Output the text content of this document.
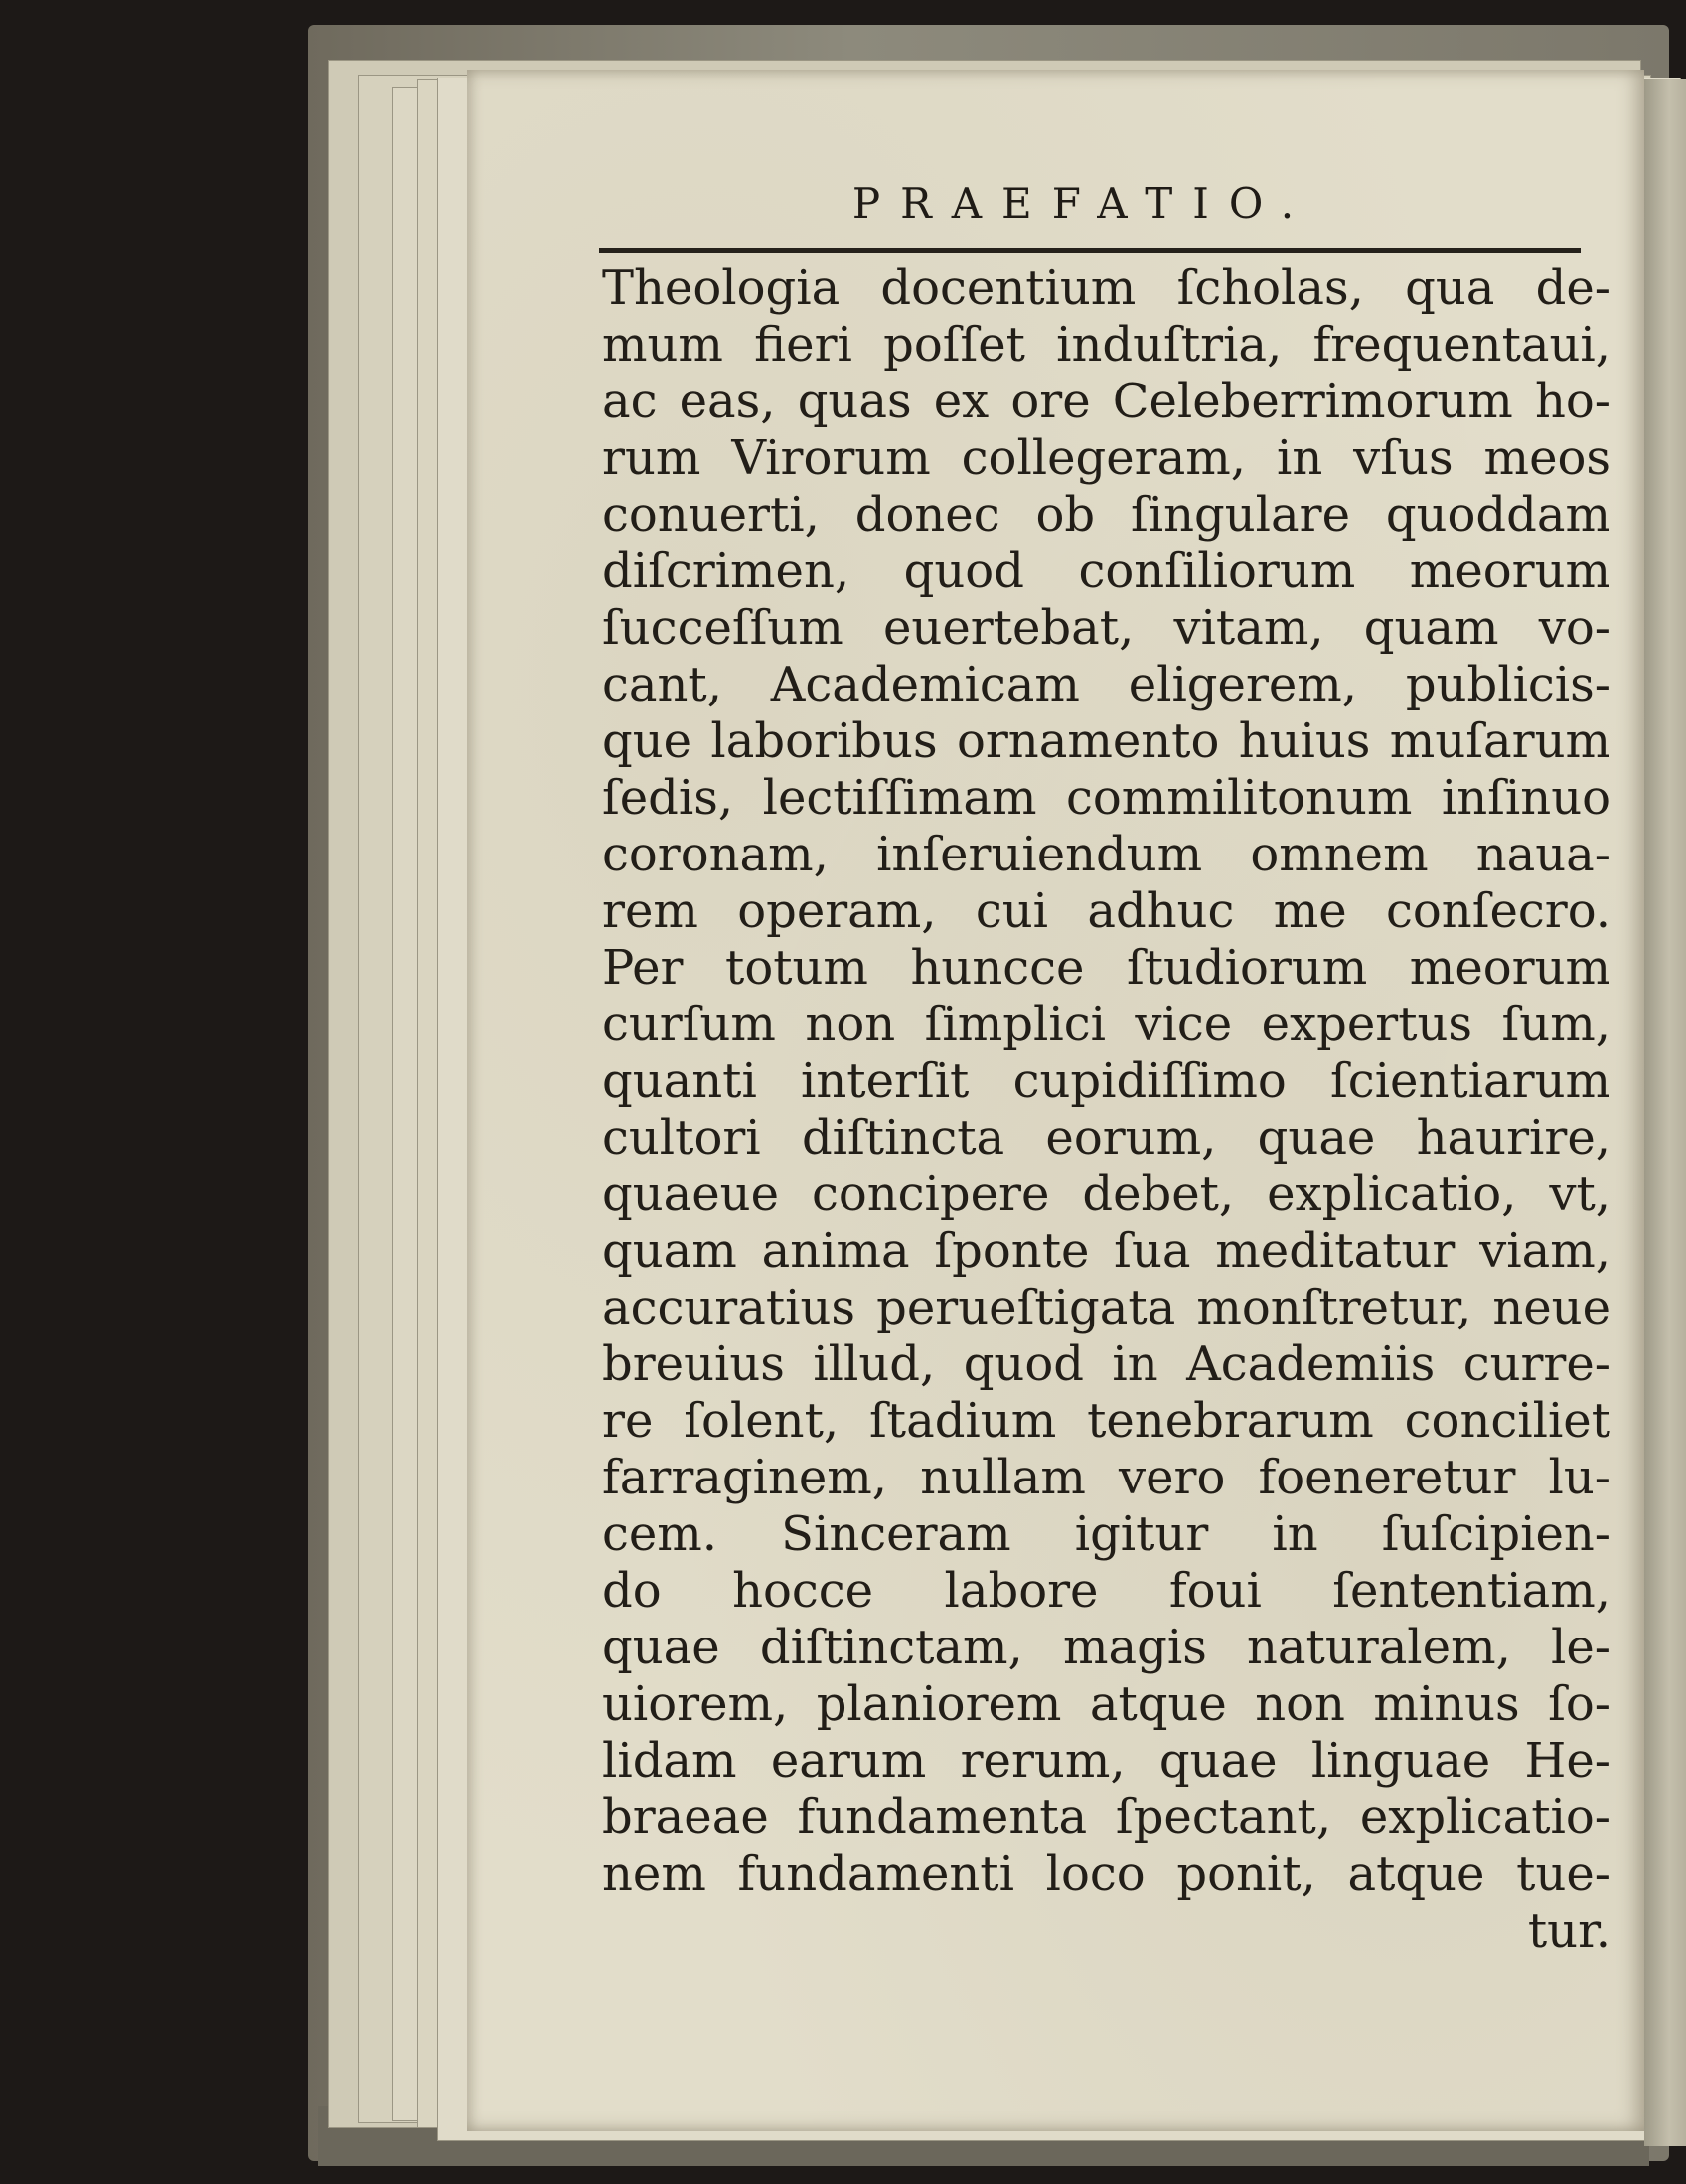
PRAEFATIO.
Theologia docentium ſcholas, qua de-
mum fieri poſſet induſtria, frequentaui,
ac eas, quas ex ore Celeberrimorum ho-
rum Virorum collegeram, in vſus meos
conuerti, donec ob ſingulare quoddam
diſcrimen, quod conſiliorum meorum
ſucceſſum euertebat, vitam, quam vo-
cant, Academicam eligerem, publicis-
que laboribus ornamento huius muſarum
ſedis, lectiſſimam commilitonum inſinuo
coronam, inſeruiendum omnem naua-
rem operam, cui adhuc me conſecro.
Per totum huncce ſtudiorum meorum
curſum non ſimplici vice expertus ſum,
quanti interſit cupidiſſimo ſcientiarum
cultori diſtincta eorum, quae haurire,
quaeue concipere debet, explicatio, vt,
quam anima ſponte ſua meditatur viam,
accuratius perueſtigata monſtretur, neue
breuius illud, quod in Academiis curre-
re ſolent, ſtadium tenebrarum conciliet
farraginem, nullam vero foeneretur lu-
cem. Sinceram igitur in ſuſcipien-
do hocce labore foui ſententiam,
quae diſtinctam, magis naturalem, le-
uiorem, planiorem atque non minus ſo-
lidam earum rerum, quae linguae He-
braeae fundamenta ſpectant, explicatio-
nem fundamenti loco ponit, atque tue-
tur.
